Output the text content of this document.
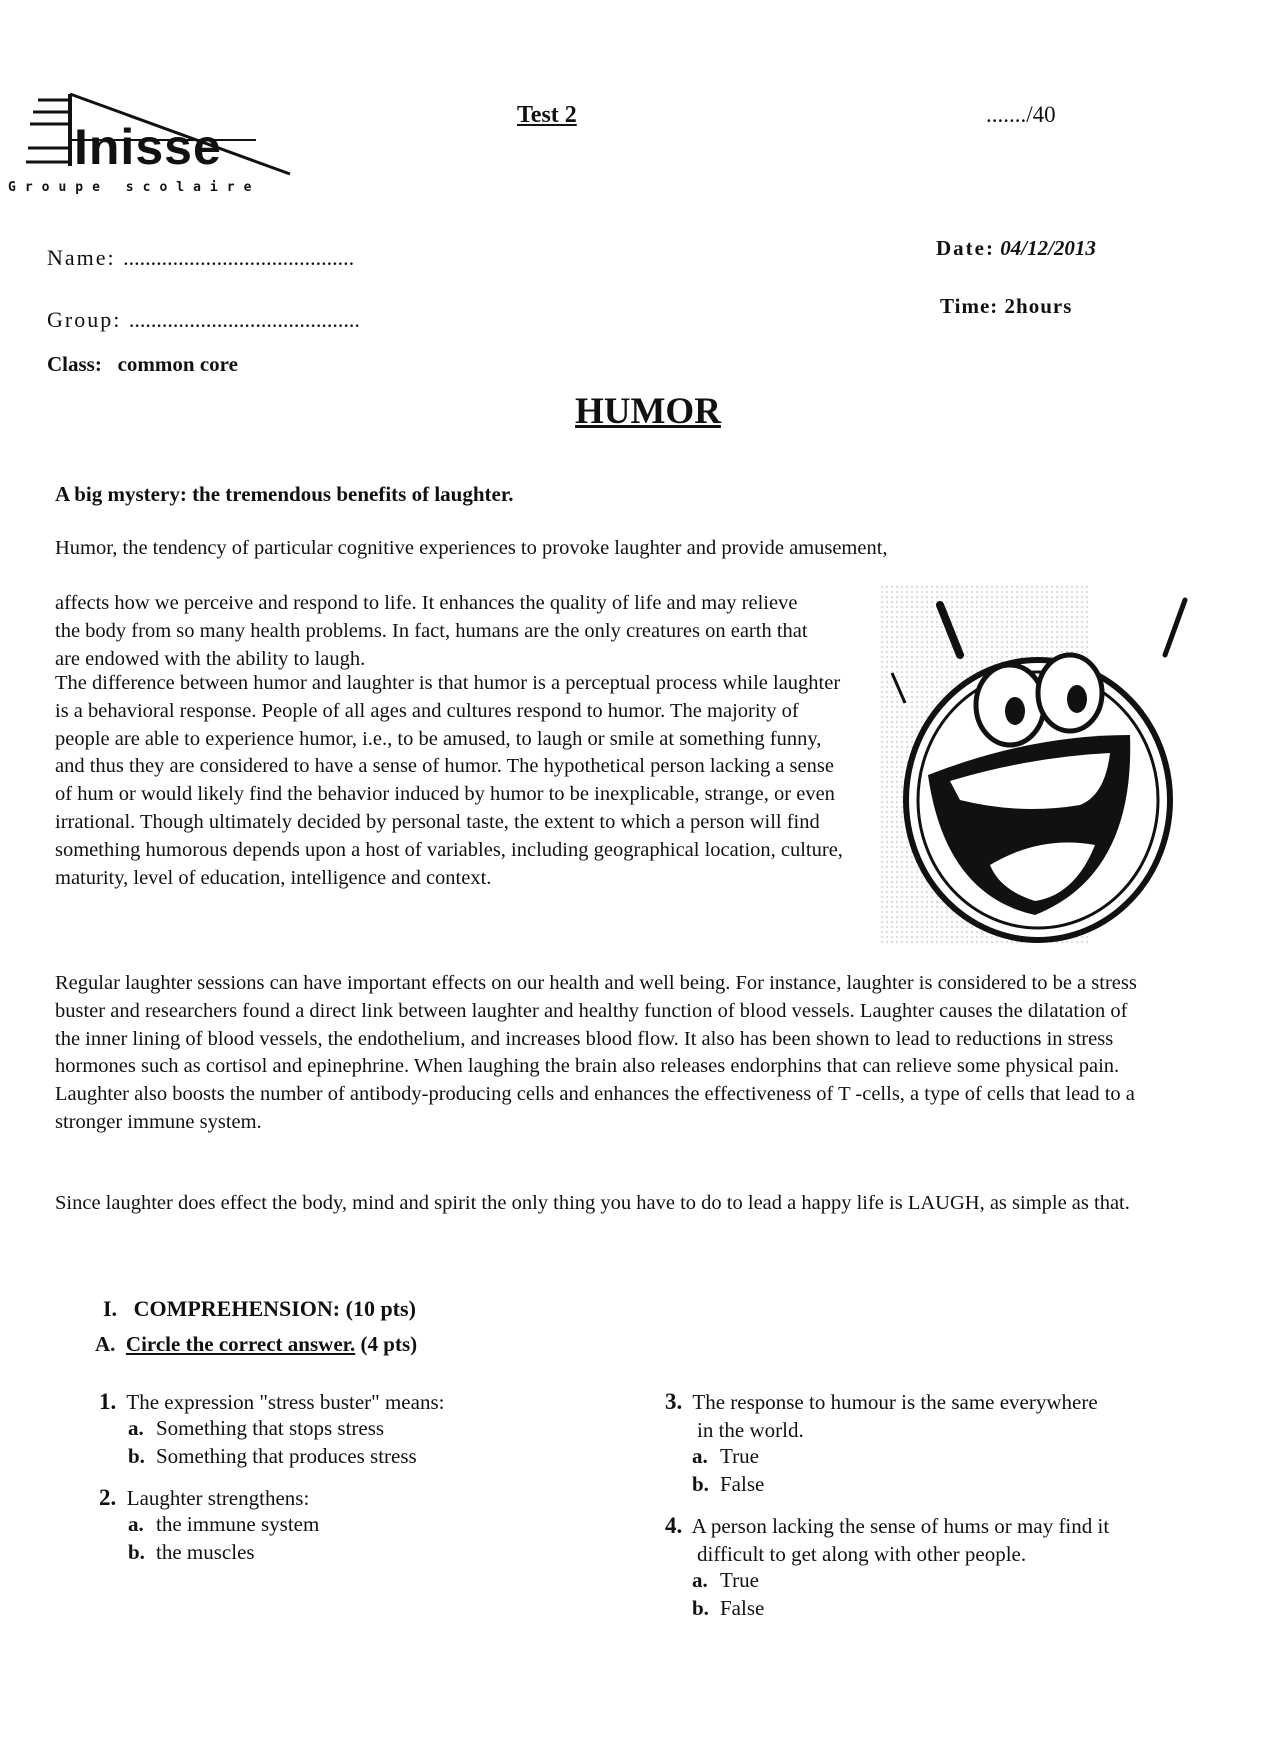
Inisse
Groupe scolaire
Test 2	......./40
Name: ..........................................
Group: ..........................................
Class: common core
Date: 04/12/2013
Time: 2hours
HUMOR
A big mystery: the tremendous benefits of laughter.

Humor, the tendency of particular cognitive experiences to provoke laughter and provide amusement,

affects how we perceive and respond to life. It enhances the quality of life and may relieve the body from so many health problems. In fact, humans are the only creatures on earth that are endowed with the ability to laugh.

The difference between humor and laughter is that humor is a perceptual process while laughter is a behavioral response. People of all ages and cultures respond to humor. The majority of people are able to experience humor, i.e., to be amused, to laugh or smile at something funny, and thus they are considered to have a sense of humor. The hypothetical person lacking a sense of hum or would likely find the behavior induced by humor to be inexplicable, strange, or even irrational. Though ultimately decided by personal taste, the extent to which a person will find something humorous depends upon a host of variables, including geographical location, culture, maturity, level of education, intelligence and context.

Regular laughter sessions can have important effects on our health and well being. For instance, laughter is considered to be a stress buster and researchers found a direct link between laughter and healthy function of blood vessels. Laughter causes the dilatation of the inner lining of blood vessels, the endothelium, and increases blood flow. It also has been shown to lead to reductions in stress hormones such as cortisol and epinephrine. When laughing the brain also releases endorphins that can relieve some physical pain. Laughter also boosts the number of antibody-producing cells and enhances the effectiveness of T -cells, a type of cells that lead to a stronger immune system.

Since laughter does effect the body, mind and spirit the only thing you have to do to lead a happy life is LAUGH, as simple as that.

I. COMPREHENSION: (10 pts)
A. Circle the correct answer. (4 pts)
1. The expression "stress buster" means:
a. Something that stops stress
b. Something that produces stress
2. Laughter strengthens:
a. the immune system
b. the muscles
3. The response to humour is the same everywhere
in the world.
a. True
b. False
4. A person lacking the sense of hums or may find it
difficult to get along with other people.
a. True
b. False
